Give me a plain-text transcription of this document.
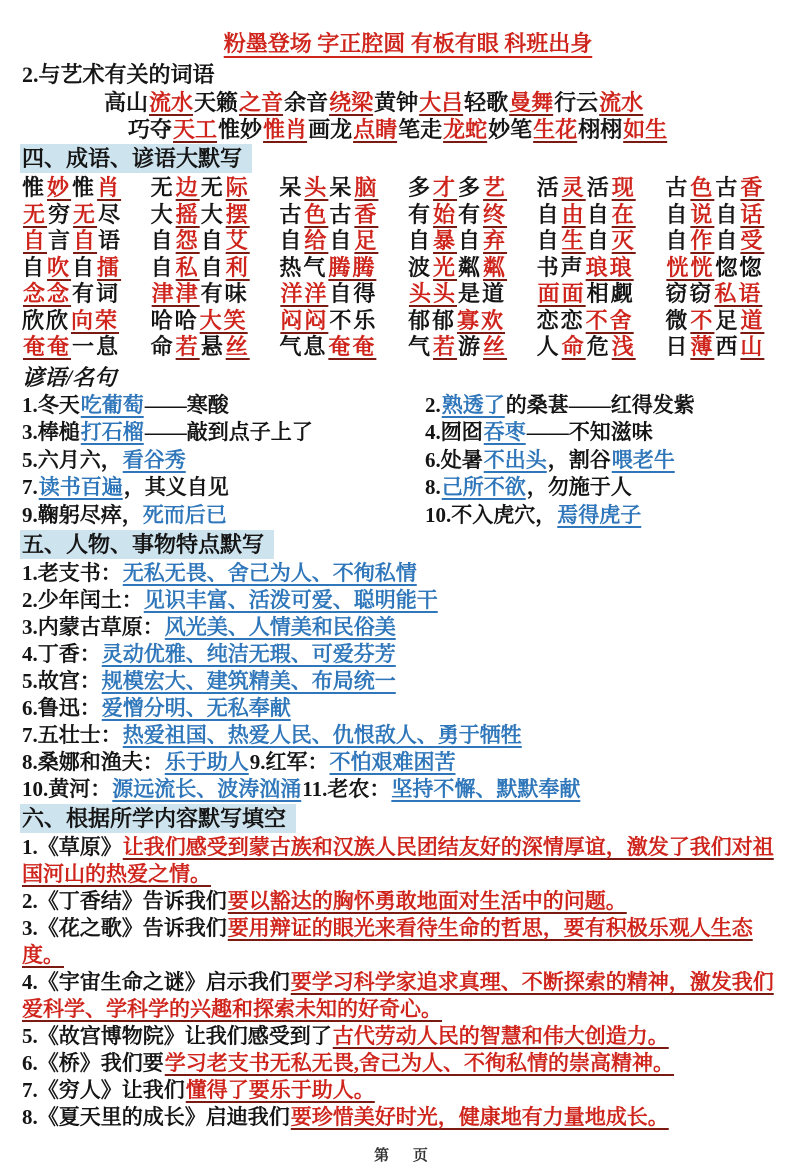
粉墨登场 字正腔圆 有板有眼 科班出身
2.与艺术有关的词语
高山流水天籁之音余音绕梁黄钟大吕轻歌曼舞行云流水
巧夺天工惟妙惟肖画龙点睛笔走龙蛇妙笔生花栩栩如生
四、成语、谚语大默写
惟妙惟肖	无边无际	呆头呆脑	多才多艺	活灵活现	古色古香
无穷无尽	大摇大摆	古色古香	有始有终	自由自在	自说自话
自言自语	自怨自艾	自给自足	自暴自弃	自生自灭	自作自受
自吹自擂	自私自利	热气腾腾	波光粼粼	书声琅琅	恍恍惚惚
念念有词	津津有味	洋洋自得	头头是道	面面相觑	窃窃私语
欣欣向荣	哈哈大笑	闷闷不乐	郁郁寡欢	恋恋不舍	微不足道
奄奄一息	命若悬丝	气息奄奄	气若游丝	人命危浅	日薄西山
谚语/名句
1.冬天吃葡萄——寒酸	2.熟透了的桑葚——红得发紫
3.棒槌打石榴——敲到点子上了	4.囫囵吞枣——不知滋味
5.六月六，看谷秀	6.处暑不出头，割谷喂老牛
7.读书百遍，其义自见	8.己所不欲，勿施于人
9.鞠躬尽瘁，死而后已	10.不入虎穴，焉得虎子
五、人物、事物特点默写
1.老支书：无私无畏、舍己为人、不徇私情
2.少年闰土：见识丰富、活泼可爱、聪明能干
3.内蒙古草原：风光美、人情美和民俗美
4.丁香：灵动优雅、纯洁无瑕、可爱芬芳
5.故宫：规模宏大、建筑精美、布局统一
6.鲁迅：爱憎分明、无私奉献
7.五壮士：热爱祖国、热爱人民、仇恨敌人、勇于牺牲
8.桑娜和渔夫：乐于助人9.红军：不怕艰难困苦
10.黄河：源远流长、波涛汹涌11.老农：坚持不懈、默默奉献
六、根据所学内容默写填空
1.《草原》让我们感受到蒙古族和汉族人民团结友好的深情厚谊，激发了我们对祖国河山的热爱之情。
2.《丁香结》告诉我们要以豁达的胸怀勇敢地面对生活中的问题。
3.《花之歌》告诉我们要用辩证的眼光来看待生命的哲思，要有积极乐观人生态度。
4.《宇宙生命之谜》启示我们要学习科学家追求真理、不断探索的精神，激发我们爱科学、学科学的兴趣和探索未知的好奇心。
5.《故宫博物院》让我们感受到了古代劳动人民的智慧和伟大创造力。
6.《桥》我们要学习老支书无私无畏,舍己为人、不徇私情的崇高精神。
7.《穷人》让我们懂得了要乐于助人。
8.《夏天里的成长》启迪我们要珍惜美好时光，健康地有力量地成长。
第 页
